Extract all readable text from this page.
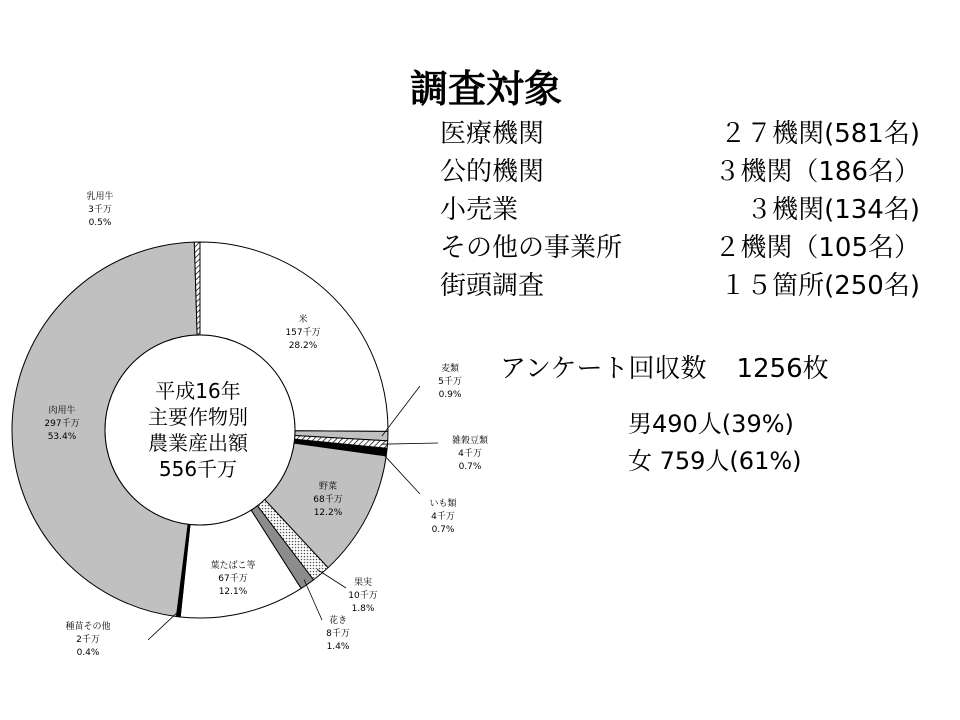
米 157千万 28.2%
麦類 5千万 0.9%
雑穀豆類 4千万 0.7%
いも類 4千万 0.7%
野菜 68千万 12.2%
果実 10千万 1.8%
花き 8千万 1.4%
葉たばこ等 67千万 12.1%
種苗その他 2千万 0.4%
肉用牛 297千万 53.4%
乳用牛 3千万 0.5%
平成16年
主要作物別
農業産出額
556千万
調査対象
医療機関	２７機関(581名)
公的機関	３機関（186名）
小売業	３機関(134名)
その他の事業所	２機関（105名）
街頭調査	１５箇所(250名)
アンケート回収数 1256枚
男490人(39%)
女 759人(61%)
